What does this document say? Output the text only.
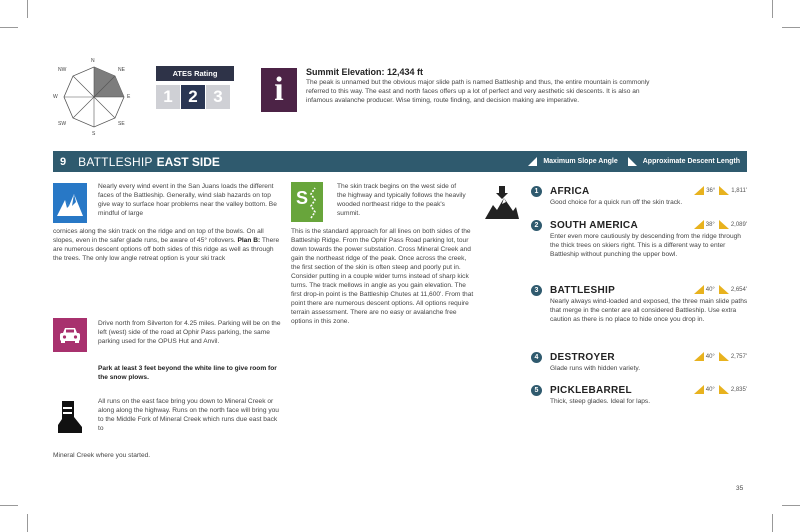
N
NE
E
SE
S
SW
W
NW	ATES Rating
1 2 3	i	Summit Elevation: 12,434 ft
The peak is unnamed but the obvious major slide path is named Battleship and thus, the entire mountain is commonly referred to this way. The east and north faces offers up a lot of perfect and very aesthetic ski descents. It is also an infamous avalanche producer. Wise timing, route finding, and decision making are imperative.
9 BATTLESHIP EAST SIDE	Maximum Slope Angle	Approximate Descent Length
Nearly every wind event in the San Juans loads the different faces of the Battleship. Generally, wind slab hazards on top give way to surface hoar problems near the valley bottom. Be mindful of large
cornices along the skin track on the ridge and on top of the bowls. On all slopes, even in the safer glade runs, be aware of 45° rollovers. Plan B: There are numerous descent options off both sides of this ridge as well as through the trees. The only low angle retreat option is your ski track
Drive north from Silverton for 4.25 miles. Parking will be on the left (west) side of the road at Ophir Pass parking, the same parking used for the OPUS Hut and Anvil.
Park at least 3 feet beyond the white line to give room for the snow plows.
All runs on the east face bring you down to Mineral Creek or along along the highway. Runs on the north face will bring you to the Middle Fork of Mineral Creek which runs due east back to
Mineral Creek where you started.
S
The skin track begins on the west side of the highway and typically follows the heavily wooded northeast ridge to the peak's summit.
This is the standard approach for all lines on both sides of the Battleship Ridge. From the Ophir Pass Road parking lot, tour down towards the power substation. Cross Mineral Creek and gain the northeast ridge of the peak. Once across the creek, the first section of the skin is often steep and poorly put in. Consider putting in a couple wider turns instead of sharp kick turns. The track mellows in angle as you gain elevation. The first drop-in point is the Battleship Chutes at 11,600'. From that point there are numerous descent options. All options require terrain assessment. There are no easy or avalanche free options in this zone.
1	AFRICA	36°	1,811'
Good choice for a quick run off the skin track.
2	SOUTH AMERICA	38°	2,089'
Enter even more cautiously by descending from the ridge through the thick trees on skiers right. This is a different way to enter Battleship without punching the upper bowl.
3	BATTLESHIP	40°	2,654'
Nearly always wind-loaded and exposed, the three main slide paths that merge in the center are all considered Battleship. Use extra caution as there is no place to hide once you drop in.
4	DESTROYER	40°	2,757'
Glade runs with hidden variety.
5	PICKLEBARREL	40°	2,835'
Thick, steep glades. Ideal for laps.
35
